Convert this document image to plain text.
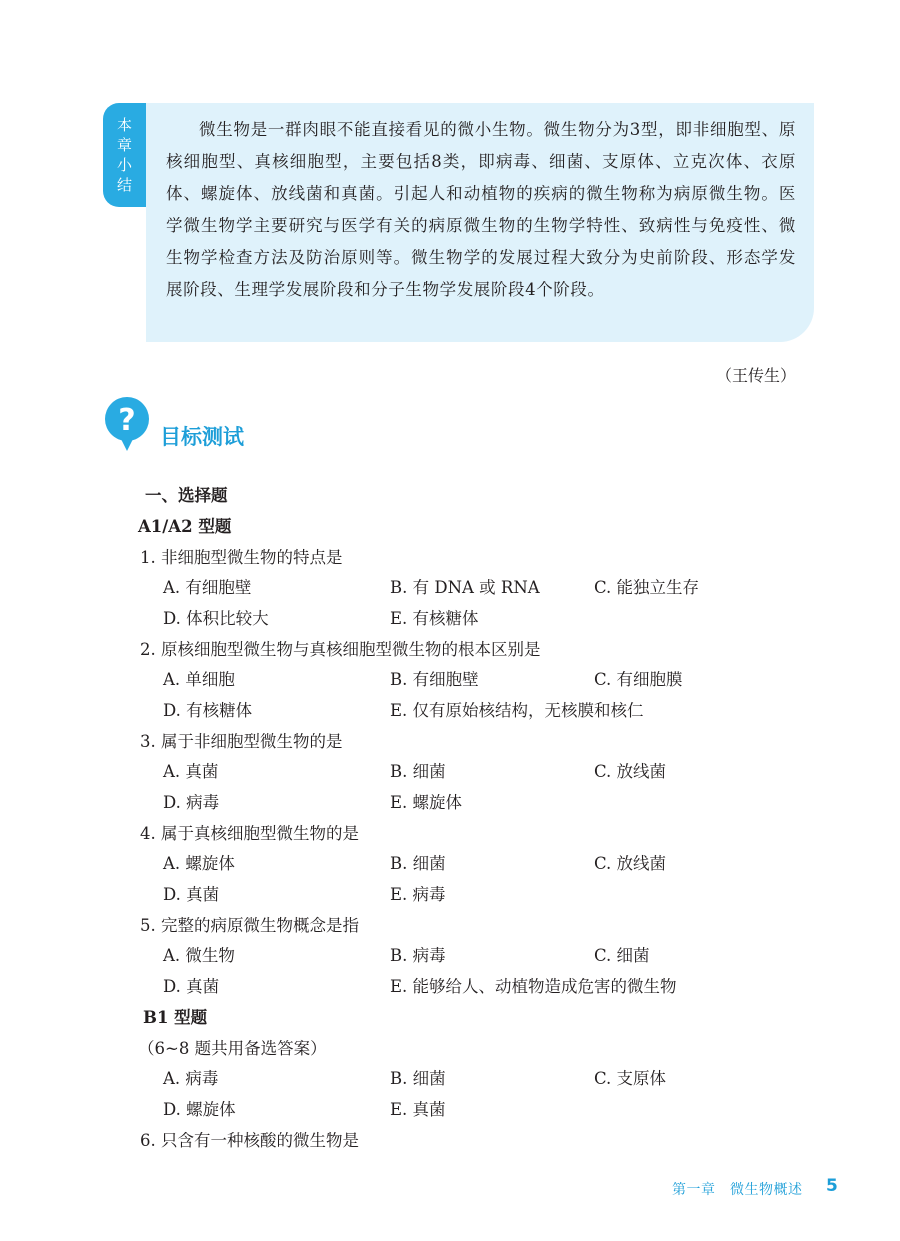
本
章
小
结
微生物是一群肉眼不能直接看见的微小生物。微生物分为3型，即非细胞型、原核细胞型、真核细胞型，主要包括8类，即病毒、细菌、支原体、立克次体、衣原体、螺旋体、放线菌和真菌。引起人和动植物的疾病的微生物称为病原微生物。医学微生物学主要研究与医学有关的病原微生物的生物学特性、致病性与免疫性、微生物学检查方法及防治原则等。微生物学的发展过程大致分为史前阶段、形态学发展阶段、生理学发展阶段和分子生物学发展阶段4个阶段。
（王传生）
? 目标测试
一、选择题
A1/A2 型题
1. 非细胞型微生物的特点是
A. 有细胞壁	B. 有 DNA 或 RNA	C. 能独立生存
D. 体积比较大	E. 有核糖体
2. 原核细胞型微生物与真核细胞型微生物的根本区别是
A. 单细胞	B. 有细胞壁	C. 有细胞膜
D. 有核糖体	E. 仅有原始核结构，无核膜和核仁
3. 属于非细胞型微生物的是
A. 真菌	B. 细菌	C. 放线菌
D. 病毒	E. 螺旋体
4. 属于真核细胞型微生物的是
A. 螺旋体	B. 细菌	C. 放线菌
D. 真菌	E. 病毒
5. 完整的病原微生物概念是指
A. 微生物	B. 病毒	C. 细菌
D. 真菌	E. 能够给人、动植物造成危害的微生物
B1 型题
（6~8 题共用备选答案）
A. 病毒	B. 细菌	C. 支原体
D. 螺旋体	E. 真菌
6. 只含有一种核酸的微生物是
第一章　微生物概述 5
